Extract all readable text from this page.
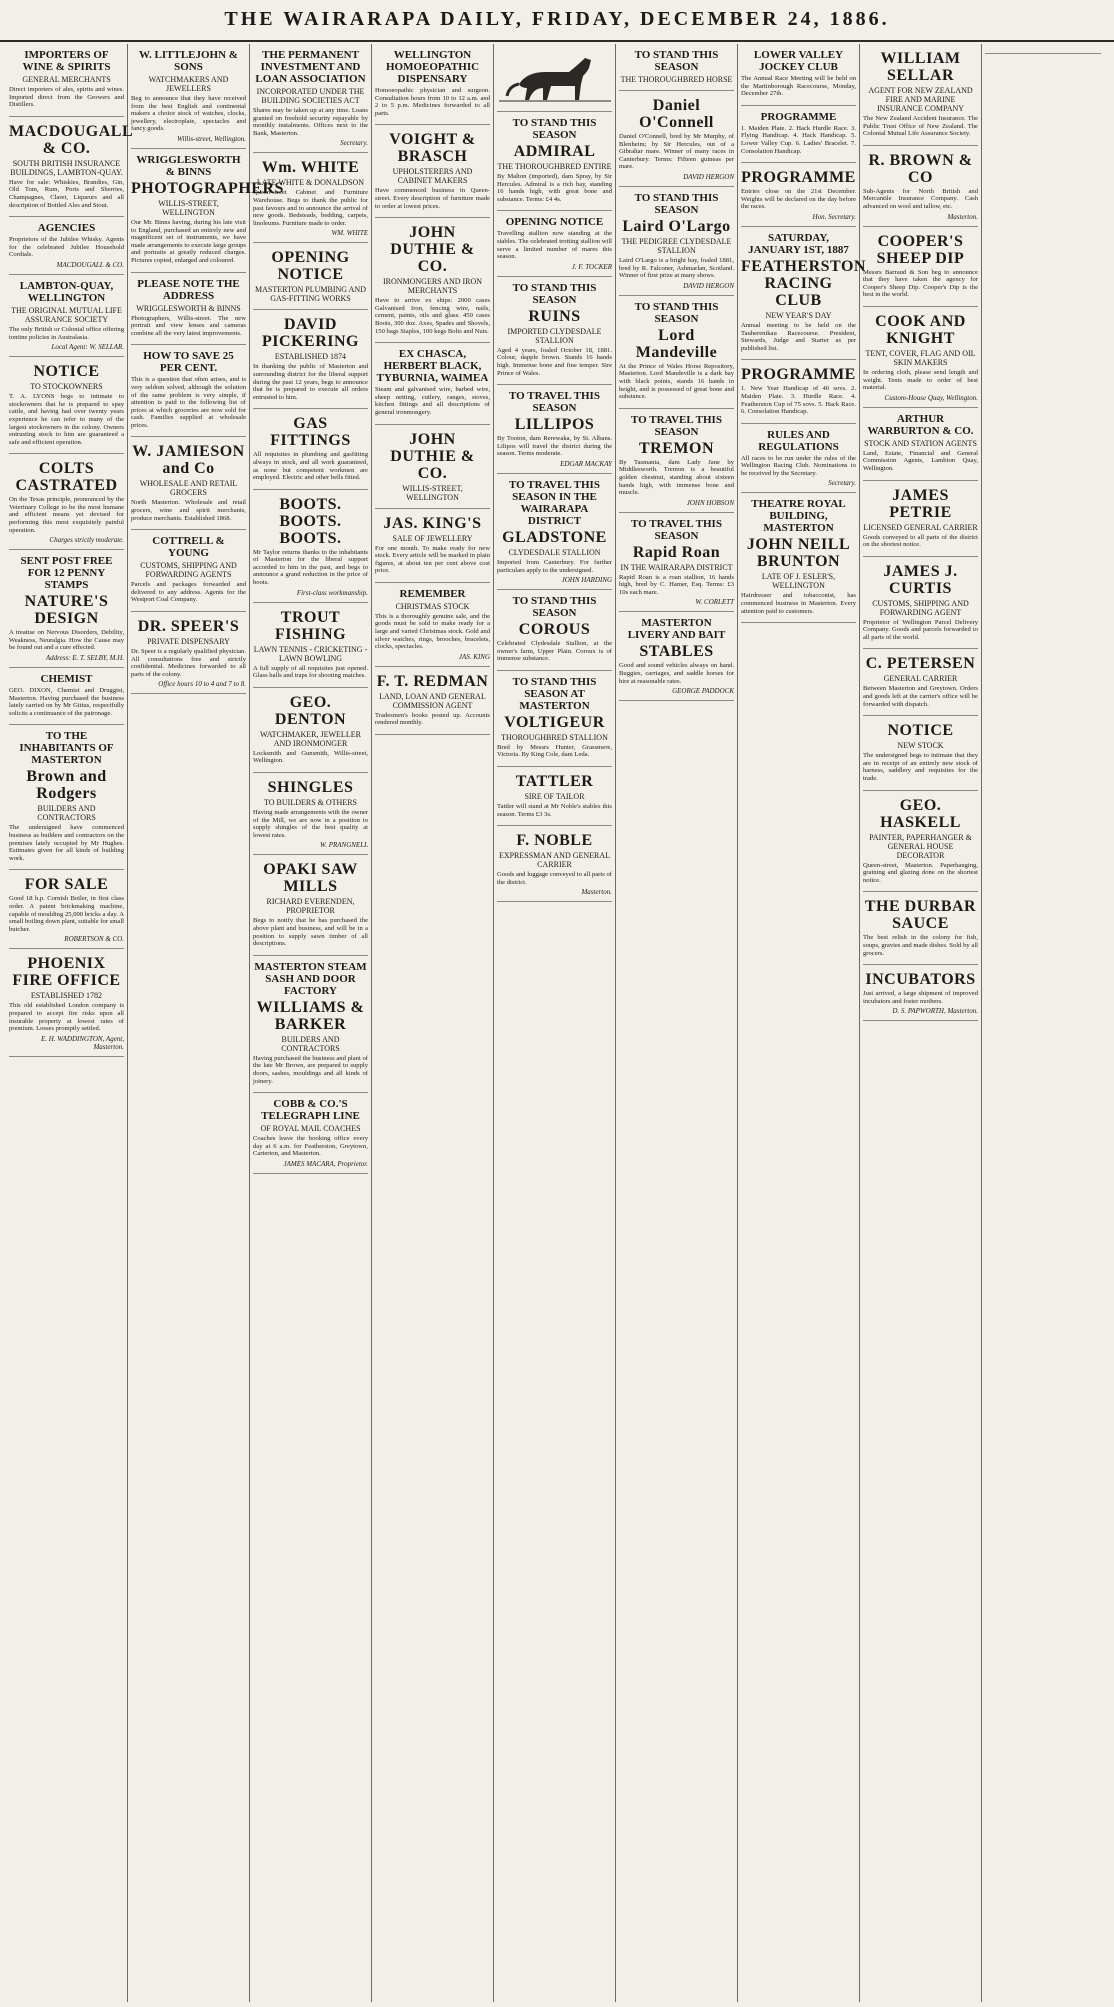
THE WAIRARAPA DAILY, FRIDAY, DECEMBER 24, 1886.
IMPORTERS OF WINE & SPIRITS
GENERAL MERCHANTS

Direct importers of ales, spirits and wines. Imported direct from the Growers and Distillers.

MACDOUGALL & CO.
SOUTH BRITISH INSURANCE BUILDINGS, LAMBTON-QUAY.

Have for sale: Whiskies, Brandies, Gin, Old Tom, Rum, Ports and Sherries, Champagnes, Claret, Liqueurs and all description of Bottled Ales and Stout.

AGENCIES

Proprietors of the Jubilee Whisky. Agents for the celebrated Jubilee Household Cordials.

MACDOUGALL & CO.
LAMBTON-QUAY, WELLINGTON
THE ORIGINAL MUTUAL LIFE ASSURANCE SOCIETY

The only British or Colonial office offering tontine policies in Australasia.

Local Agent: W. SELLAR.
NOTICE
TO STOCKOWNERS

T. A. LYONS begs to intimate to stockowners that he is prepared to spay cattle, and having had over twenty years experience he can refer to many of the largest stockowners in the colony. Owners entrusting stock to him are guaranteed a safe and efficient operation.

COLTS CASTRATED

On the Texas principle, pronounced by the Veterinary College to be the most humane and efficient means yet devised for performing this most exquisitely painful operation.

Charges strictly moderate.
SENT POST FREE FOR 12 PENNY STAMPS
NATURE'S DESIGN

A treatise on Nervous Disorders, Debility, Weakness, Neuralgia. How the Cause may be found out and a cure effected.

Address: E. T. SELBY, M.H.
CHEMIST

GEO. DIXON, Chemist and Druggist, Masterton. Having purchased the business lately carried on by Mr Gittus, respectfully solicits a continuance of the patronage.

TO THE INHABITANTS OF MASTERTON
Brown and Rodgers
BUILDERS AND CONTRACTORS

The undersigned have commenced business as builders and contractors on the premises lately occupied by Mr Hughes. Estimates given for all kinds of building work.

FOR SALE

Good 18 h.p. Cornish Boiler, in first class order. A patent brickmaking machine, capable of moulding 25,000 bricks a day. A small boiling down plant, suitable for small butcher.

ROBERTSON & CO.
PHOENIX FIRE OFFICE
ESTABLISHED 1782

This old established London company is prepared to accept fire risks upon all insurable property at lowest rates of premium. Losses promptly settled.

E. H. WADDINGTON, Agent, Masterton.
W. LITTLEJOHN & SONS
WATCHMAKERS AND JEWELLERS

Beg to announce that they have received from the best English and continental makers a choice stock of watches, clocks, jewellery, electroplate, spectacles and fancy goods.

Willis-street, Wellington.
WRIGGLESWORTH & BINNS
PHOTOGRAPHERS
WILLIS-STREET, WELLINGTON

Our Mr. Binns having, during his late visit to England, purchased an entirely new and magnificent set of instruments, we have made arrangements to execute large groups and portraits at greatly reduced charges. Pictures copied, enlarged and coloured.

PLEASE NOTE THE ADDRESS
WRIGGLESWORTH & BINNS

Photographers, Willis-street. The new portrait and view lenses and cameras combine all the very latest improvements.

HOW TO SAVE 25 PER CENT.

This is a question that often arises, and is very seldom solved, although the solution of the same problem is very simple, if attention is paid to the following list of prices at which groceries are now sold for cash. Families supplied at wholesale prices.

W. JAMIESON and Co
WHOLESALE AND RETAIL GROCERS

North Masterton. Wholesale and retail grocers, wine and spirit merchants, produce merchants. Established 1868.

COTTRELL & YOUNG
CUSTOMS, SHIPPING AND FORWARDING AGENTS

Parcels and packages forwarded and delivered to any address. Agents for the Westport Coal Company.

DR. SPEER'S
PRIVATE DISPENSARY

Dr. Speer is a regularly qualified physician. All consultations free and strictly confidential. Medicines forwarded to all parts of the colony.

Office hours 10 to 4 and 7 to 8.
THE PERMANENT INVESTMENT AND LOAN ASSOCIATION
INCORPORATED UNDER THE BUILDING SOCIETIES ACT

Shares may be taken up at any time. Loans granted on freehold security repayable by monthly instalments. Offices next to the Bank, Masterton.

Secretary.
Wm. WHITE
LATE WHITE & DONALDSON

Queen-street Cabinet and Furniture Warehouse. Begs to thank the public for past favours and to announce the arrival of new goods. Bedsteads, bedding, carpets, linoleums. Furniture made to order.

WM. WHITE
OPENING NOTICE
MASTERTON PLUMBING AND GAS-FITTING WORKS
DAVID PICKERING
ESTABLISHED 1874

In thanking the public of Masterton and surrounding district for the liberal support during the past 12 years, begs to announce that he is prepared to execute all orders entrusted to him.

GAS FITTINGS

All requisites in plumbing and gasfitting always in stock, and all work guaranteed, as none but competent workmen are employed. Electric and other bells fitted.

BOOTS. BOOTS. BOOTS.

Mr Taylor returns thanks to the inhabitants of Masterton for the liberal support accorded to him in the past, and begs to announce a grand reduction in the price of boots.

First-class workmanship.
TROUT FISHING
LAWN TENNIS - CRICKETING - LAWN BOWLING

A full supply of all requisites just opened. Glass balls and traps for shooting matches.

GEO. DENTON
WATCHMAKER, JEWELLER AND IRONMONGER

Locksmith and Gunsmith, Willis-street, Wellington.

SHINGLES
TO BUILDERS & OTHERS

Having made arrangements with the owner of the Mill, we are now in a position to supply shingles of the best quality at lowest rates.

W. PRANGNELL
OPAKI SAW MILLS
RICHARD EVERENDEN, PROPRIETOR

Begs to notify that he has purchased the above plant and business, and will be in a position to supply sawn timber of all descriptions.

MASTERTON STEAM SASH AND DOOR FACTORY
WILLIAMS & BARKER
BUILDERS AND CONTRACTORS

Having purchased the business and plant of the late Mr Brown, are prepared to supply doors, sashes, mouldings and all kinds of joinery.

COBB & CO.'S TELEGRAPH LINE
OF ROYAL MAIL COACHES

Coaches leave the booking office every day at 6 a.m. for Featherston, Greytown, Carterton, and Masterton.

JAMES MACARA, Proprietor.
WELLINGTON HOMOEOPATHIC DISPENSARY

Homoeopathic physician and surgeon. Consultation hours from 10 to 12 a.m. and 2 to 5 p.m. Medicines forwarded to all parts.

VOIGHT & BRASCH
UPHOLSTERERS AND CABINET MAKERS

Have commenced business in Queen-street. Every description of furniture made to order at lowest prices.

JOHN DUTHIE & CO.
IRONMONGERS AND IRON MERCHANTS

Have to arrive ex ships: 2000 cases Galvanised Iron, fencing wire, nails, cement, paints, oils and glass. 450 cases Boots, 300 doz. Axes, Spades and Shovels, 150 bags Staples, 100 kegs Bolts and Nuts.

EX CHASCA, HERBERT BLACK, TYBURNIA, WAIMEA

Steam and galvanised wire, barbed wire, sheep netting, cutlery, ranges, stoves, kitchen fittings and all descriptions of general ironmongery.

JOHN DUTHIE & CO.
WILLIS-STREET, WELLINGTON
JAS. KING'S
SALE OF JEWELLERY

For one month. To make ready for new stock. Every article will be marked in plain figures, at about ten per cent above cost price.

REMEMBER
CHRISTMAS STOCK

This is a thoroughly genuine sale, and the goods must be sold to make ready for a large and varied Christmas stock. Gold and silver watches, rings, brooches, bracelets, clocks, spectacles.

JAS. KING
F. T. REDMAN
LAND, LOAN AND GENERAL COMMISSION AGENT

Tradesmen's books posted up. Accounts rendered monthly.

TO STAND THIS SEASON
ADMIRAL
THE THOROUGHBRED ENTIRE

By Malton (imported), dam Spray, by Sir Hercules. Admiral is a rich bay, standing 16 hands high, with great bone and substance. Terms: £4 4s.

OPENING NOTICE

Travelling stallion now standing at the stables. The celebrated trotting stallion will serve a limited number of mares this season.

J. F. TOCKER
TO STAND THIS SEASON
RUINS
IMPORTED CLYDESDALE STALLION

Aged 4 years, foaled October 18, 1881. Colour, dapple brown. Stands 16 hands high. Immense bone and fine temper. Sire Prince of Wales.

TO TRAVEL THIS SEASON
LILLIPOS

By Tooton, dam Rerewaka, by St. Albans. Lilipos will travel the district during the season. Terms moderate.

EDGAR MACKAY
TO TRAVEL THIS SEASON IN THE WAIRARAPA DISTRICT
GLADSTONE
CLYDESDALE STALLION

Imported from Canterbury. For further particulars apply to the undersigned.

JOHN HARDING
TO STAND THIS SEASON
COROUS

Celebrated Clydesdale Stallion, at the owner's farm, Upper Plain. Coroux is of immense substance.

TO STAND THIS SEASON AT MASTERTON
VOLTIGEUR
THOROUGHBRED STALLION

Bred by Messrs Hunter, Grassmere, Victoria. By King Cole, dam Leda.

TATTLER
SIRE OF TAILOR

Tattler will stand at Mr Noble's stables this season. Terms £3 3s.

F. NOBLE
EXPRESSMAN AND GENERAL CARRIER

Goods and luggage conveyed to all parts of the district.

Masterton.
TO STAND THIS SEASON
THE THOROUGHBRED HORSE
Daniel O'Connell

Daniel O'Connell, bred by Mr Murphy, of Blenheim; by Sir Hercules, out of a Gibraltar mare. Winner of many races in Canterbury. Terms: Fifteen guineas per mare.

DAVID HERGON
TO STAND THIS SEASON
Laird O'Largo
THE PEDIGREE CLYDESDALE STALLION

Laird O'Largo is a bright bay, foaled 1881, bred by R. Falconer, Ashmarlan, Scotland. Winner of first prize at many shows.

DAVID HERGON
TO STAND THIS SEASON
Lord Mandeville

At the Prince of Wales Horse Repository, Masterton. Lord Mandeville is a dark bay with black points, stands 16 hands in height, and is possessed of great bone and substance.

TO TRAVEL THIS SEASON
TREMON

By Tasmania, dam Lady Jane by Middlesworth. Tremon is a beautiful golden chestnut, standing about sixteen hands high, with immense bone and muscle.

JOHN HOBSON
TO TRAVEL THIS SEASON
Rapid Roan
IN THE WAIRARAPA DISTRICT

Rapid Roan is a roan stallion, 16 hands high, bred by C. Hamer, Esq. Terms: £3 10s each mare.

W. CORLETT
MASTERTON LIVERY AND BAIT
STABLES

Good and sound vehicles always on hand. Buggies, carriages, and saddle horses for hire at reasonable rates.

GEORGE PADDOCK
LOWER VALLEY JOCKEY CLUB

The Annual Race Meeting will be held on the Martinborough Racecourse, Monday, December 27th.

PROGRAMME

1. Maiden Plate. 2. Hack Hurdle Race. 3. Flying Handicap. 4. Hack Handicap. 5. Lower Valley Cup. 6. Ladies' Bracelet. 7. Consolation Handicap.

PROGRAMME

Entries close on the 21st December. Weights will be declared on the day before the races.

Hon. Secretary.
SATURDAY, JANUARY 1ST, 1887
FEATHERSTON RACING CLUB
NEW YEAR'S DAY

Annual meeting to be held on the Tauherenikau Racecourse. President, Stewards, Judge and Starter as per published list.

PROGRAMME

1. New Year Handicap of 40 sovs. 2. Maiden Plate. 3. Hurdle Race. 4. Featherston Cup of 75 sovs. 5. Hack Race. 6. Consolation Handicap.

RULES AND REGULATIONS

All races to be run under the rules of the Wellington Racing Club. Nominations to be received by the Secretary.

Secretary.
THEATRE ROYAL BUILDING, MASTERTON
JOHN NEILL BRUNTON
LATE OF J. ESLER'S, WELLINGTON

Hairdresser and tobacconist, has commenced business in Masterton. Every attention paid to customers.

WILLIAM SELLAR
AGENT FOR NEW ZEALAND FIRE AND MARINE INSURANCE COMPANY

The New Zealand Accident Insurance. The Public Trust Office of New Zealand. The Colonial Mutual Life Assurance Society.

R. BROWN & CO

Sub-Agents for North British and Mercantile Insurance Company. Cash advanced on wool and tallow, etc.

Masterton.
COOPER'S SHEEP DIP

Messrs Barraud & Son beg to announce that they have taken the agency for Cooper's Sheep Dip. Cooper's Dip is the best in the world.

COOK AND KNIGHT
TENT, COVER, FLAG AND OIL SKIN MAKERS

In ordering cloth, please send length and weight. Tents made to order of best material.

Custom-House Quay, Wellington.
ARTHUR WARBURTON & CO.
STOCK AND STATION AGENTS

Land, Estate, Financial and General Commission Agents, Lambton Quay, Wellington.

JAMES PETRIE
LICENSED GENERAL CARRIER

Goods conveyed to all parts of the district on the shortest notice.

JAMES J. CURTIS
CUSTOMS, SHIPPING AND FORWARDING AGENT

Proprietor of Wellington Parcel Delivery Company. Goods and parcels forwarded to all parts of the world.

C. PETERSEN
GENERAL CARRIER

Between Masterton and Greytown. Orders and goods left at the carrier's office will be forwarded with dispatch.

NOTICE
NEW STOCK

The undersigned begs to intimate that they are in receipt of an entirely new stock of harness, saddlery and requisites for the trade.

GEO. HASKELL
PAINTER, PAPERHANGER & GENERAL HOUSE DECORATOR

Queen-street, Masterton. Paperhanging, graining and glazing done on the shortest notice.

THE DURBAR SAUCE

The best relish in the colony for fish, soups, gravies and made dishes. Sold by all grocers.

INCUBATORS

Just arrived, a large shipment of improved incubators and foster mothers.

D. S. PAPWORTH, Masterton.
